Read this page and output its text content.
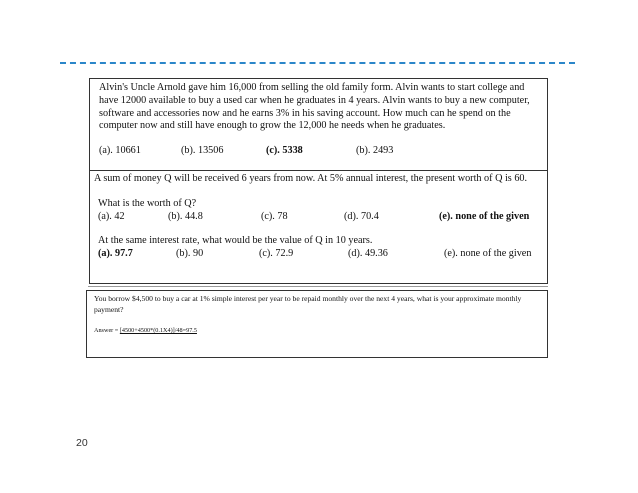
Alvin's Uncle Arnold gave him 16,000 from selling the old family form. Alvin wants to start college and have 12000 available to buy a used car when he graduates in 4 years. Alvin wants to buy a new computer, software and accessories now and he earns 3% in his saving account. How much can he spend on the computer now and still have enough to grow the 12,000 he needs when he graduates.

(a). 10661	(b). 13506	(c). 5338	(b). 2493

A sum of money Q will be received 6 years from now. At 5% annual interest, the present worth of Q is 60.

What is the worth of Q?

(a). 42	(b). 44.8	(c). 78	(d). 70.4	(e). none of the given

At the same interest rate, what would be the value of Q in 10 years.

(a). 97.7	(b). 90	(c). 72.9	(d). 49.36	(e). none of the given

You borrow $4,500 to buy a car at 1% simple interest per year to be repaid monthly over the next 4 years, what is your approximate monthly payment?

Answer = [4500+4500*(0.1X4)]/48=97.5

20
